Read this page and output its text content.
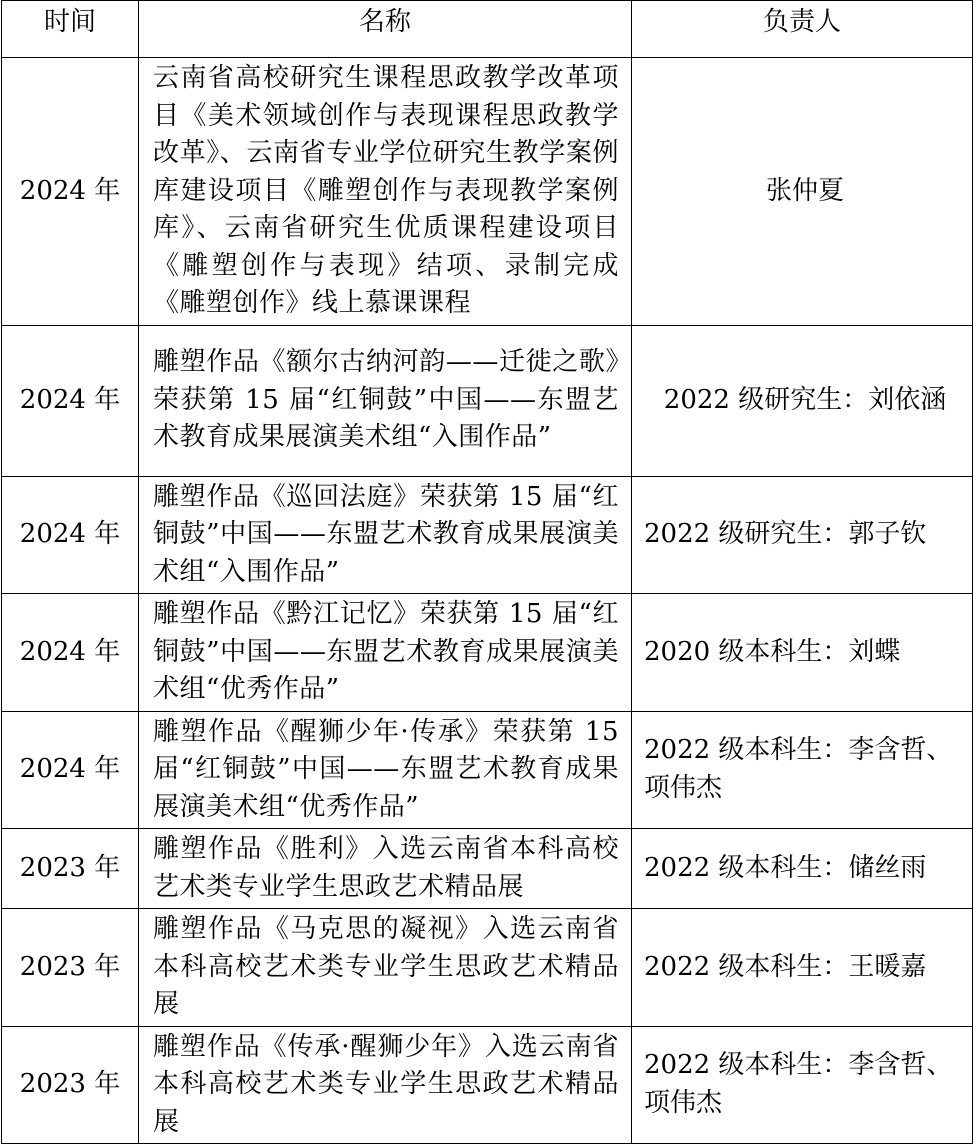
时间	名称	负责人
2024 年	云南省高校研究生课程思政教学改革项目《美术领域创作与表现课程思政教学改革》、云南省专业学位研究生教学案例库建设项目《雕塑创作与表现教学案例库》、云南省研究生优质课程建设项目《雕塑创作与表现》结项、录制完成《雕塑创作》线上慕课课程	张仲夏
2024 年	雕塑作品《额尔古纳河韵——迁徙之歌》荣获第 15 届“红铜鼓”中国——东盟艺术教育成果展演美术组“入围作品”	2022 级研究生：刘依涵
2024 年	雕塑作品《巡回法庭》荣获第 15 届“红铜鼓”中国——东盟艺术教育成果展演美术组“入围作品”	2022 级研究生：郭子钦
2024 年	雕塑作品《黔江记忆》荣获第 15 届“红铜鼓”中国——东盟艺术教育成果展演美术组“优秀作品”	2020 级本科生：刘蝶
2024 年	雕塑作品《醒狮少年·传承》荣获第 15 届“红铜鼓”中国——东盟艺术教育成果展演美术组“优秀作品”	2022 级本科生：李含哲、项伟杰
2023 年	雕塑作品《胜利》入选云南省本科高校艺术类专业学生思政艺术精品展	2022 级本科生：储丝雨
2023 年	雕塑作品《马克思的凝视》入选云南省本科高校艺术类专业学生思政艺术精品展	2022 级本科生：王暖嘉
2023 年	雕塑作品《传承·醒狮少年》入选云南省本科高校艺术类专业学生思政艺术精品展	2022 级本科生：李含哲、项伟杰
